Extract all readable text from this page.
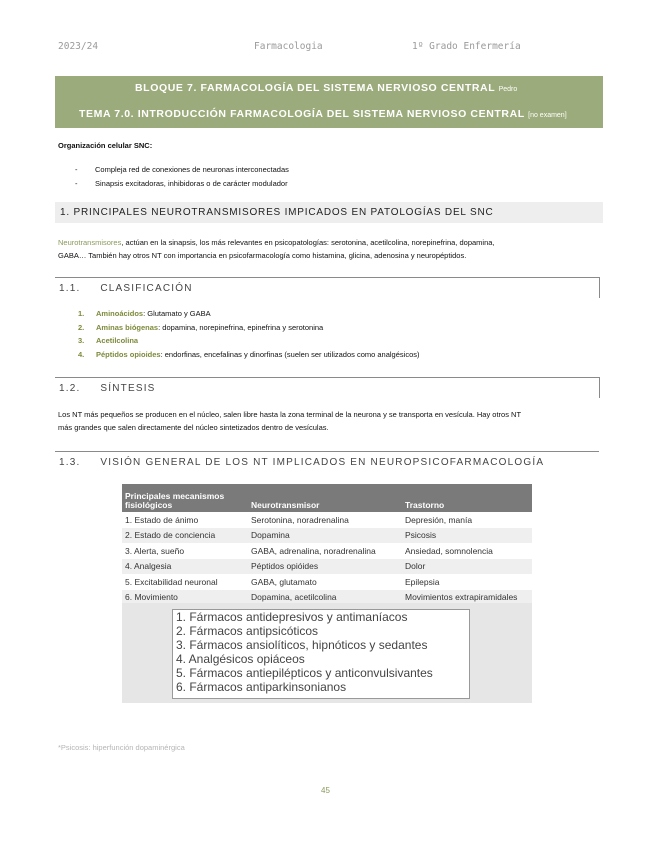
2023/24	Farmacologia	1º Grado Enfermería
BLOQUE 7. FARMACOLOGÍA DEL SISTEMA NERVIOSO CENTRAL Pedro
TEMA 7.0. INTRODUCCIÓN FARMACOLOGÍA DEL SISTEMA NERVIOSO CENTRAL [no examen]
Organización celular SNC:
- Compleja red de conexiones de neuronas interconectadas
- Sinapsis excitadoras, inhibidoras o de carácter modulador
1. PRINCIPALES NEUROTRANSMISORES IMPICADOS EN PATOLOGÍAS DEL SNC
Neurotransmisores, actúan en la sinapsis, los más relevantes en psicopatologías: serotonina, acetilcolina, norepinefrina, dopamina,
GABA… También hay otros NT con importancia en psicofarmacología como histamina, glicina, adenosina y neuropéptidos.
1.1.     CLASIFICACIÓN
1. Aminoácidos: Glutamato y GABA
2. Aminas biógenas: dopamina, norepinefrina, epinefrina y serotonina
3. Acetilcolina
4. Péptidos opioides: endorfinas, encefalinas y dinorfinas (suelen ser utilizados como analgésicos)
1.2.     SÍNTESIS
Los NT más pequeños se producen en el núcleo, salen libre hasta la zona terminal de la neurona y se transporta en vesícula. Hay otros NT
más grandes que salen directamente del núcleo sintetizados dentro de vesículas.
1.3.     VISIÓN GENERAL DE LOS NT IMPLICADOS EN NEUROPSICOFARMACOLOGÍA
Principales mecanismos fisiológicos	Neurotransmisor	Trastorno
1. Estado de ánimo	Serotonina, noradrenalina	Depresión, manía
2. Estado de conciencia	Dopamina	Psicosis
3. Alerta, sueño	GABA, adrenalina, noradrenalina	Ansiedad, somnolencia
4. Analgesia	Péptidos opióides	Dolor
5. Excitabilidad neuronal	GABA, glutamato	Epilepsia
6. Movimiento	Dopamina, acetilcolina	Movimientos extrapiramidales
1. Fármacos antidepresivos y antimaníacos
2. Fármacos antipsicóticos
3. Fármacos ansiolíticos, hipnóticos y sedantes
4. Analgésicos opiáceos
5. Fármacos antiepilépticos y anticonvulsivantes
6. Fármacos antiparkinsonianos
*Psicosis: hiperfunción dopaminérgica
45
